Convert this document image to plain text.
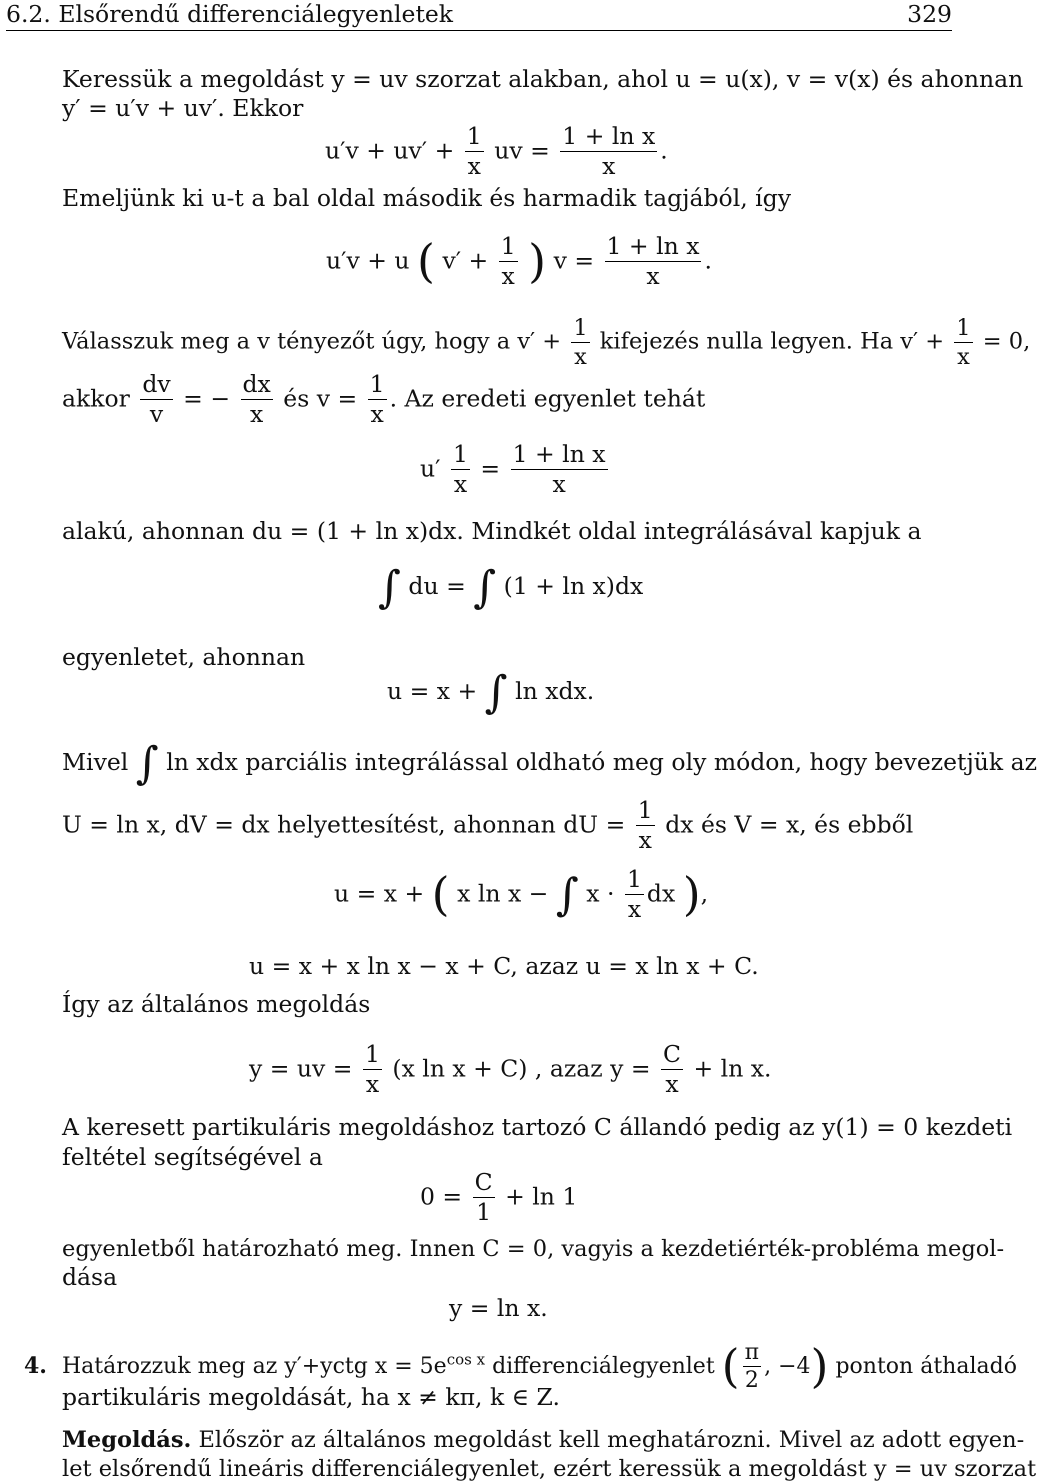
6.2. Elsőrendű differenciálegyenletek	329
Keressük a megoldást y = uv szorzat alakban, ahol u = u(x), v = v(x) és ahonnan
y′ = u′v + uv′. Ekkor
$u'v + uv' + \frac{1}{x}$ uv = $\frac{\text{1 + ln x}}{x}$ .
Emeljünk ki u-t a bal oldal második és harmadik tagjából, így
u′v + u ( $v' + \frac{1}{x}$ ) $v = \frac{\text{1 + ln x}}{x}$ .
Válasszuk meg a v tényezőt úgy, hogy a $v' + \frac{1}{x}$ kifejezés nulla legyen. Ha $v' + \frac{1}{x} = 0$,
akkor $\frac{dv}{v}$ = − $\frac{dx}{x}$ és $v = \frac{1}{x}$ . Az eredeti egyenlet tehát
$u' \frac{1}{x} = \frac{\text{1 + ln x}}{x}$
alakú, ahonnan du = (1 + ln x)dx. Mindkét oldal integrálásával kapjuk a
∫ du = ∫ (1 + ln x)dx
egyenletet, ahonnan
u = x + ∫ ln xdx.
Mivel ∫ ln xdx parciális integrálással oldható meg oly módon, hogy bevezetjük az
U = ln x, dV = dx helyettesítést, ahonnan dU = $\frac{1}{x}$ dx és V = x, és ebből
u = x + ( x ln x − ∫ $x \cdot \frac{1}{x}$ dx ),
u = x + x ln x − x + C, azaz u = x ln x + C.
Így az általános megoldás
y = uv = $\frac{1}{x} (x$ ln x + C) , azaz $y = \frac{C}{x} + \ln x$.
A keresett partikuláris megoldáshoz tartozó C állandó pedig az y(1) = 0 kezdeti
feltétel segítségével a
$0 = \frac{C}{1} + \ln 1$
egyenletből határozható meg. Innen C = 0, vagyis a kezdetiérték-probléma megol-
dása
y = ln x.
4. Határozzuk meg az y′+yctg $x = 5e^{cos x}$ differenciálegyenlet ( $\frac{\pi}{2}$ , −4) ponton áthaladó
partikuláris megoldását, ha x ≠ kπ, k ∈ Z.
Megoldás. Először az általános megoldást kell meghatározni. Mivel az adott egyen-
let elsőrendű lineáris differenciálegyenlet, ezért keressük a megoldást y = uv szorzat
